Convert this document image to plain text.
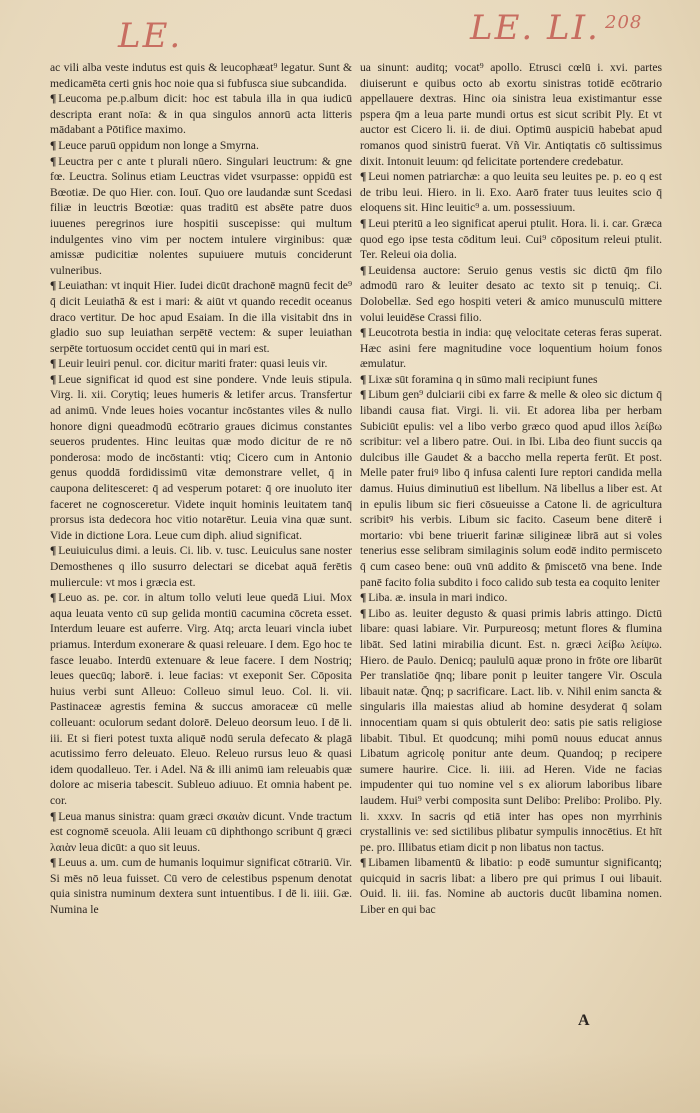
LE.	LE. LI. 208

ac vili alba veste indutus est quis & leucophæat⁹ legatur. Sunt & medicamēta certi gnis hoc noie qua si fubfusca siue subcandida.

¶ Leucoma pe.p.album dicit: hoc est tabula illa in qua iudicū descripta erant noīa: & in qua singulos annorū acta litteris mādabant a Pōtifice maximo.

¶ Leuce paruū oppidum non longe a Smyrna.

¶ Leuctra per c ante t plurali nūero. Singulari leuctrum: & gne fœ. Leuctra. Solinus etiam Leuctras videt vsurpasse: oppidū est Bœotiæ. De quo Hier. con. Iouī. Quo ore laudandæ sunt Scedasi filiæ in leuctris Bœotiæ: quas traditū est absēte patre duos iuuenes peregrinos iure hospitii suscepisse: qui multum indulgentes vino vim per noctem intulere virginibus: quæ amissæ pudicitiæ nolentes supuiuere mutuis conciderunt vulneribus.

¶ Leuiathan: vt inquit Hier. Iudei dicūt drachonē magnū fecit de⁹ q̄ dicit Leuiathā & est i mari: & aiūt vt quando recedit oceanus draco vertitur. De hoc apud Esaiam. In die illa visitabit dns in gladio suo sup leuiathan serpētē vectem: & super leuiathan serpēte tortuosum occidet centū qui in mari est.

¶ Leuir leuiri penul. cor. dicitur mariti frater: quasi leuis vir.

¶ Leue significat id quod est sine pondere. Vnde leuis stipula. Virg. li. xii. Corytiq; leues humeris & letifer arcus. Transfertur ad animū. Vnde leues hoies vocantur incōstantes viles & nullo honore digni queadmodū ecōtrario graues dicimus constantes seueros prudentes. Hinc leuitas quæ modo dicitur de re nō ponderosa: modo de incōstanti: vtiq; Cicero cum in Antonio genus quoddā fordidissimū vitæ demonstrare vellet, q̄ in caupona delitesceret: q̄ ad vesperum potaret: q̄ ore inuoluto iter faceret ne cognosceretur. Videte inquit hominis leuitatem tanq̄ prorsus ista dedecora hoc vitio notarētur. Leuia vina quæ sunt. Vide in dictione Lora. Leue cum diph. aliud significat.

¶ Leuiuiculus dimi. a leuis. Ci. lib. v. tusc. Leuiculus sane noster Demosthenes q illo susurro delectari se dicebat aquā ferētis muliercule: vt mos i græcia est.

¶ Leuo as. pe. cor. in altum tollo veluti leue quedā Liui. Mox aqua leuata vento cū sup gelida montiū cacumina cōcreta esset. Interdum leuare est auferre. Virg. Atq; arcta leuari vincla iubet priamus. Interdum exonerare & quasi releuare. I dem. Ego hoc te fasce leuabo. Interdū extenuare & leue facere. I dem Nostriq; leues quecūq; laborē. i. leue facias: vt exeponit Ser. Cōposita huius verbi sunt Alleuo: Colleuo simul leuo. Col. li. vii. Pastinaceæ agrestis femina & succus amoraceæ cū melle colleuant: oculorum sedant dolorē. Deleuo deorsum leuo. I dē li. iii. Et si fieri potest tuxta aliquē nodū serula defecato & plagā acutissimo ferro deleuato. Eleuo. Releuo rursus leuo & quasi idem quodalleuo. Ter. i Adel. Nā & illi animū iam releuabis quæ dolore ac miseria tabescit. Subleuo adiuuo. Et omnia habent pe. cor.

¶ Leua manus sinistra: quam græci σκαιὰν dicunt. Vnde tractum est cognomē sceuola. Alii leuam cū diphthongo scribunt q̄ græci λαιὰν leua dicūt: a quo sit leuus.

¶ Leuus a. um. cum de humanis loquimur significat cōtrariū. Vir. Si mēs nō leua fuisset. Cū vero de celestibus pspenum denotat quia sinistra numinum dextera sunt intuentibus. I dē li. iiii. Gæ. Numina le

ua sinunt: auditq; vocat⁹ apollo. Etrusci cœlū i. xvi. partes diuiserunt e quibus octo ab exortu sinistras totidē ecōtrario appellauere dextras. Hinc oia sinistra leua existimantur esse pspera q̄m a leua parte mundi ortus est sicut scribit Ply. Et vt auctor est Cicero li. ii. de diui. Optimū auspiciū habebat apud romanos quod sinistrū fuerat. Vñ Vir. Antiqtatis cō sultissimus dixit. Intonuit leuum: qd felicitate portendere credebatur.

¶ Leui nomen patriarchæ: a quo leuita seu leuites pe. p. eo q est de tribu leui. Hiero. in li. Exo. Aarō frater tuus leuites scio q̄ eloquens sit. Hinc leuitic⁹ a. um. possessiuum.

¶ Leui pteritū a leo significat aperui ptulit. Hora. li. i. car. Græca quod ego ipse testa cōditum leui. Cui⁹ cōpositum releui ptulit. Ter. Releui oia dolia.

¶ Leuidensa auctore: Seruio genus vestis sic dictū q̄m filo admodū raro & leuiter desato ac texto sit p tenuiq;. Ci. Dolobellæ. Sed ego hospiti veteri & amico munusculū mittere volui leuidēse Crassi filio.

¶ Leucotrota bestia in india: quę velocitate ceteras feras superat. Hæc asini fere magnitudine voce loquentium hoium fonos æmulatur.

¶ Lixæ sūt foramina q in sūmo mali recipiunt funes

¶ Libum gen⁹ dulciarii cibi ex farre & melle & oleo sic dictum q̄ libandi causa fiat. Virgi. li. vii. Et adorea liba per herbam Subiciūt epulis: vel a libo verbo græco quod apud illos λείβω scribitur: vel a libero patre. Oui. in Ibi. Liba deo fiunt succis qa dulcibus ille Gaudet & a baccho mella reperta ferūt. Et post. Melle pater fruiꝰ libo q̄ infusa calenti Iure reptori candida mella damus. Huius diminutiuū est libellum. Nā libellus a liber est. At in epulis libum sic fieri cōsueuisse a Catone li. de agricultura scribitꝰ his verbis. Libum sic facito. Caseum bene diterē i mortario: vbi bene triuerit farinæ siligineæ librā aut si voles tenerius esse selibram similaginis solum eodē indito permisceto q̄ cum caseo bene: ouū vnū addito & p̄miscetō vna bene. Inde panē facito folia subdito i foco calido sub testa ea coquito leniter

¶ Liba. æ. insula in mari indico.

¶ Libo as. leuiter degusto & quasi primis labris attingo. Dictū libare: quasi labiare. Vir. Purpureosq; metunt flores & flumina libāt. Sed latini mirabilia dicunt. Est. n. græci λείβω λείψω. Hiero. de Paulo. Denicq; paululū aquæ prono in frōte ore libarūt Per translatiōe q̄nq; libare ponit p leuiter tangere Vir. Oscula libauit natæ. Q̄nq; p sacrificare. Lact. lib. v. Nihil enim sancta & singularis illa maiestas aliud ab homine desyderat q̄ solam innocentiam quam si quis obtulerit deo: satis pie satis religiose libabit. Tibul. Et quodcunq; mihi pomū nouus educat annus Libatum agricolę ponitur ante deum. Quandoq; p recipere sumere haurire. Cice. li. iiii. ad Heren. Vide ne facias impudenter qui tuo nomine vel s ex aliorum laboribus libare laudem. Hui⁹ verbi composita sunt Delibo: Prelibo: Prolibo. Ply. li. xxxv. In sacris qd etiā inter has opes non myrrhinis crystallinis ve: sed sictilibus plibatur sympulis innocētius. Et hīt pe. pro. Illibatus etiam dicit p non libatus non tactus.

¶ Libamen libamentū & libatio: p eodē sumuntur significantq; quicquid in sacris libat: a libero pre qui primus I oui libauit. Ouid. li. iii. fas. Nomine ab auctoris ducūt libamina nomen. Liber en qui bac

A
